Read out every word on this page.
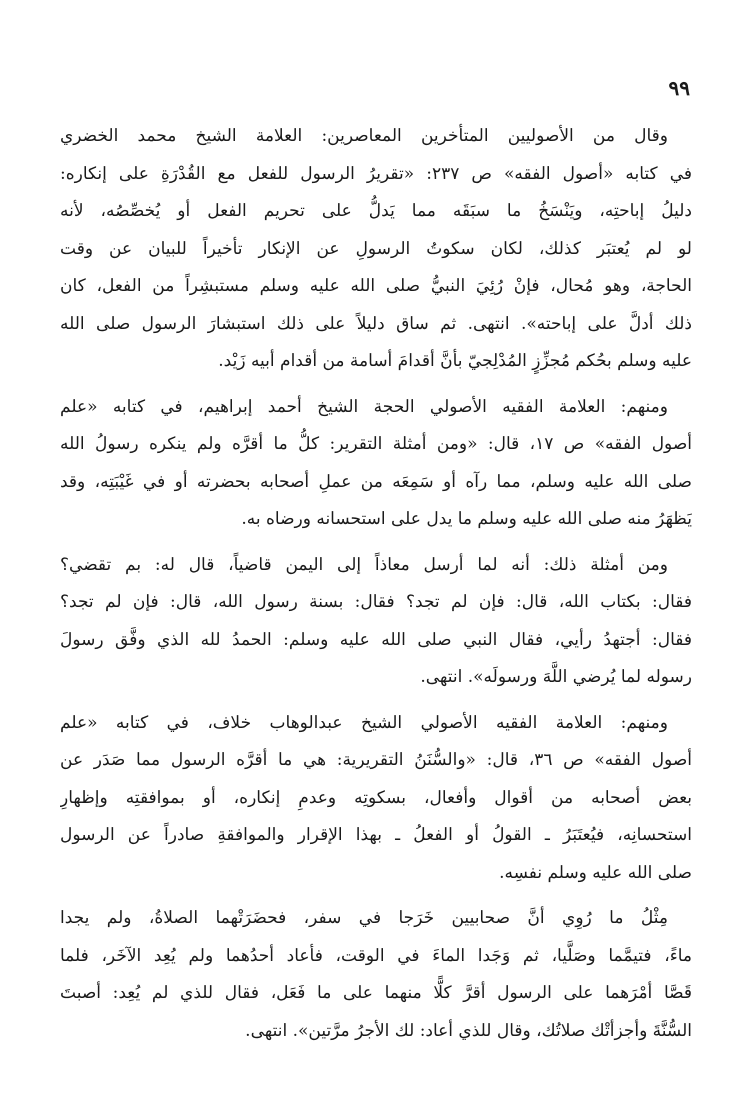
٩٩
وقال من الأصوليين المتأخرين المعاصرين: العلامة الشيخ محمد الخضري
في كتابه «أصول الفقه» ص ٢٣٧: «تقريرُ الرسول للفعل مع القُدْرَةِ على إنكاره:
دليلُ إباحتِه، ويَنْسَخُ ما سبَقَه مما يَدلُّ على تحريم الفعل أو يُخصِّصُه، لأنه
لو لم يُعتبَر كذلك، لكان سكوتُ الرسولِ عن الإنكار تأخيراً للبيان عن وقت
الحاجة، وهو مُحال، فإنْ رُئِيَ النبيُّ صلى الله عليه وسلم مستبشِراً من الفعل، كان
ذلك أدلَّ على إباحته». انتهى. ثم ساق دليلاً على ذلك استبشارَ الرسول صلى الله
عليه وسلم بحُكم مُجزِّزٍ المُدْلِجيّ بأنَّ أقدامَ أسامة من أقدام أبيه زَيْد.
ومنهم: العلامة الفقيه الأصولي الحجة الشيخ أحمد إبراهيم، في كتابه «علم
أصول الفقه» ص ١٧، قال: «ومن أمثلة التقرير: كلُّ ما أقرَّه ولم ينكره رسولُ الله
صلى الله عليه وسلم، مما رآه أو سَمِعَه من عملِ أصحابه بحضرته أو في غَيْبَتِه، وقد
يَظهَرُ منه صلى الله عليه وسلم ما يدل على استحسانه ورضاه به.
ومن أمثلة ذلك: أنه لما أرسل معاذاً إلى اليمن قاضياً، قال له: بم تقضي؟
فقال: بكتاب الله، قال: فإن لم تجد؟ فقال: بسنة رسول الله، قال: فإن لم تجد؟
فقال: أجتهدُ رأيي، فقال النبي صلى الله عليه وسلم: الحمدُ لله الذي وفَّق رسولَ
رسوله لما يُرضي اللَّهَ ورسولَه». انتهى.
ومنهم: العلامة الفقيه الأصولي الشيخ عبدالوهاب خلاف، في كتابه «علم
أصول الفقه» ص ٣٦، قال: «والسُّنَنُ التقريرية: هي ما أقرَّه الرسول مما صَدَر عن
بعض أصحابه من أقوال وأفعال، بسكوتِه وعدمِ إنكاره، أو بموافقتِه وإظهارِ
استحسانِه، فيُعتَبَرُ ـ القولُ أو الفعلُ ـ بهذا الإقرار والموافقةِ صادراً عن الرسول
صلى الله عليه وسلم نفسِه.
مِثْلُ ما رُوِي أنَّ صحابيين خَرَجا في سفر، فحضَرَتْهما الصلاةُ، ولم يجدا
ماءً، فتيمَّما وصَلَّيا، ثم وَجَدا الماءَ في الوقت، فأعاد أحدُهما ولم يُعِد الآخَر، فلما
قَصَّا أمْرَهما على الرسول أقرَّ كلًّا منهما على ما فَعَل، فقال للذي لم يُعِد: أصبتَ
السُّنَّةَ وأجزأتْك صلاتُك، وقال للذي أعاد: لك الأجرُ مرَّتين». انتهى.
